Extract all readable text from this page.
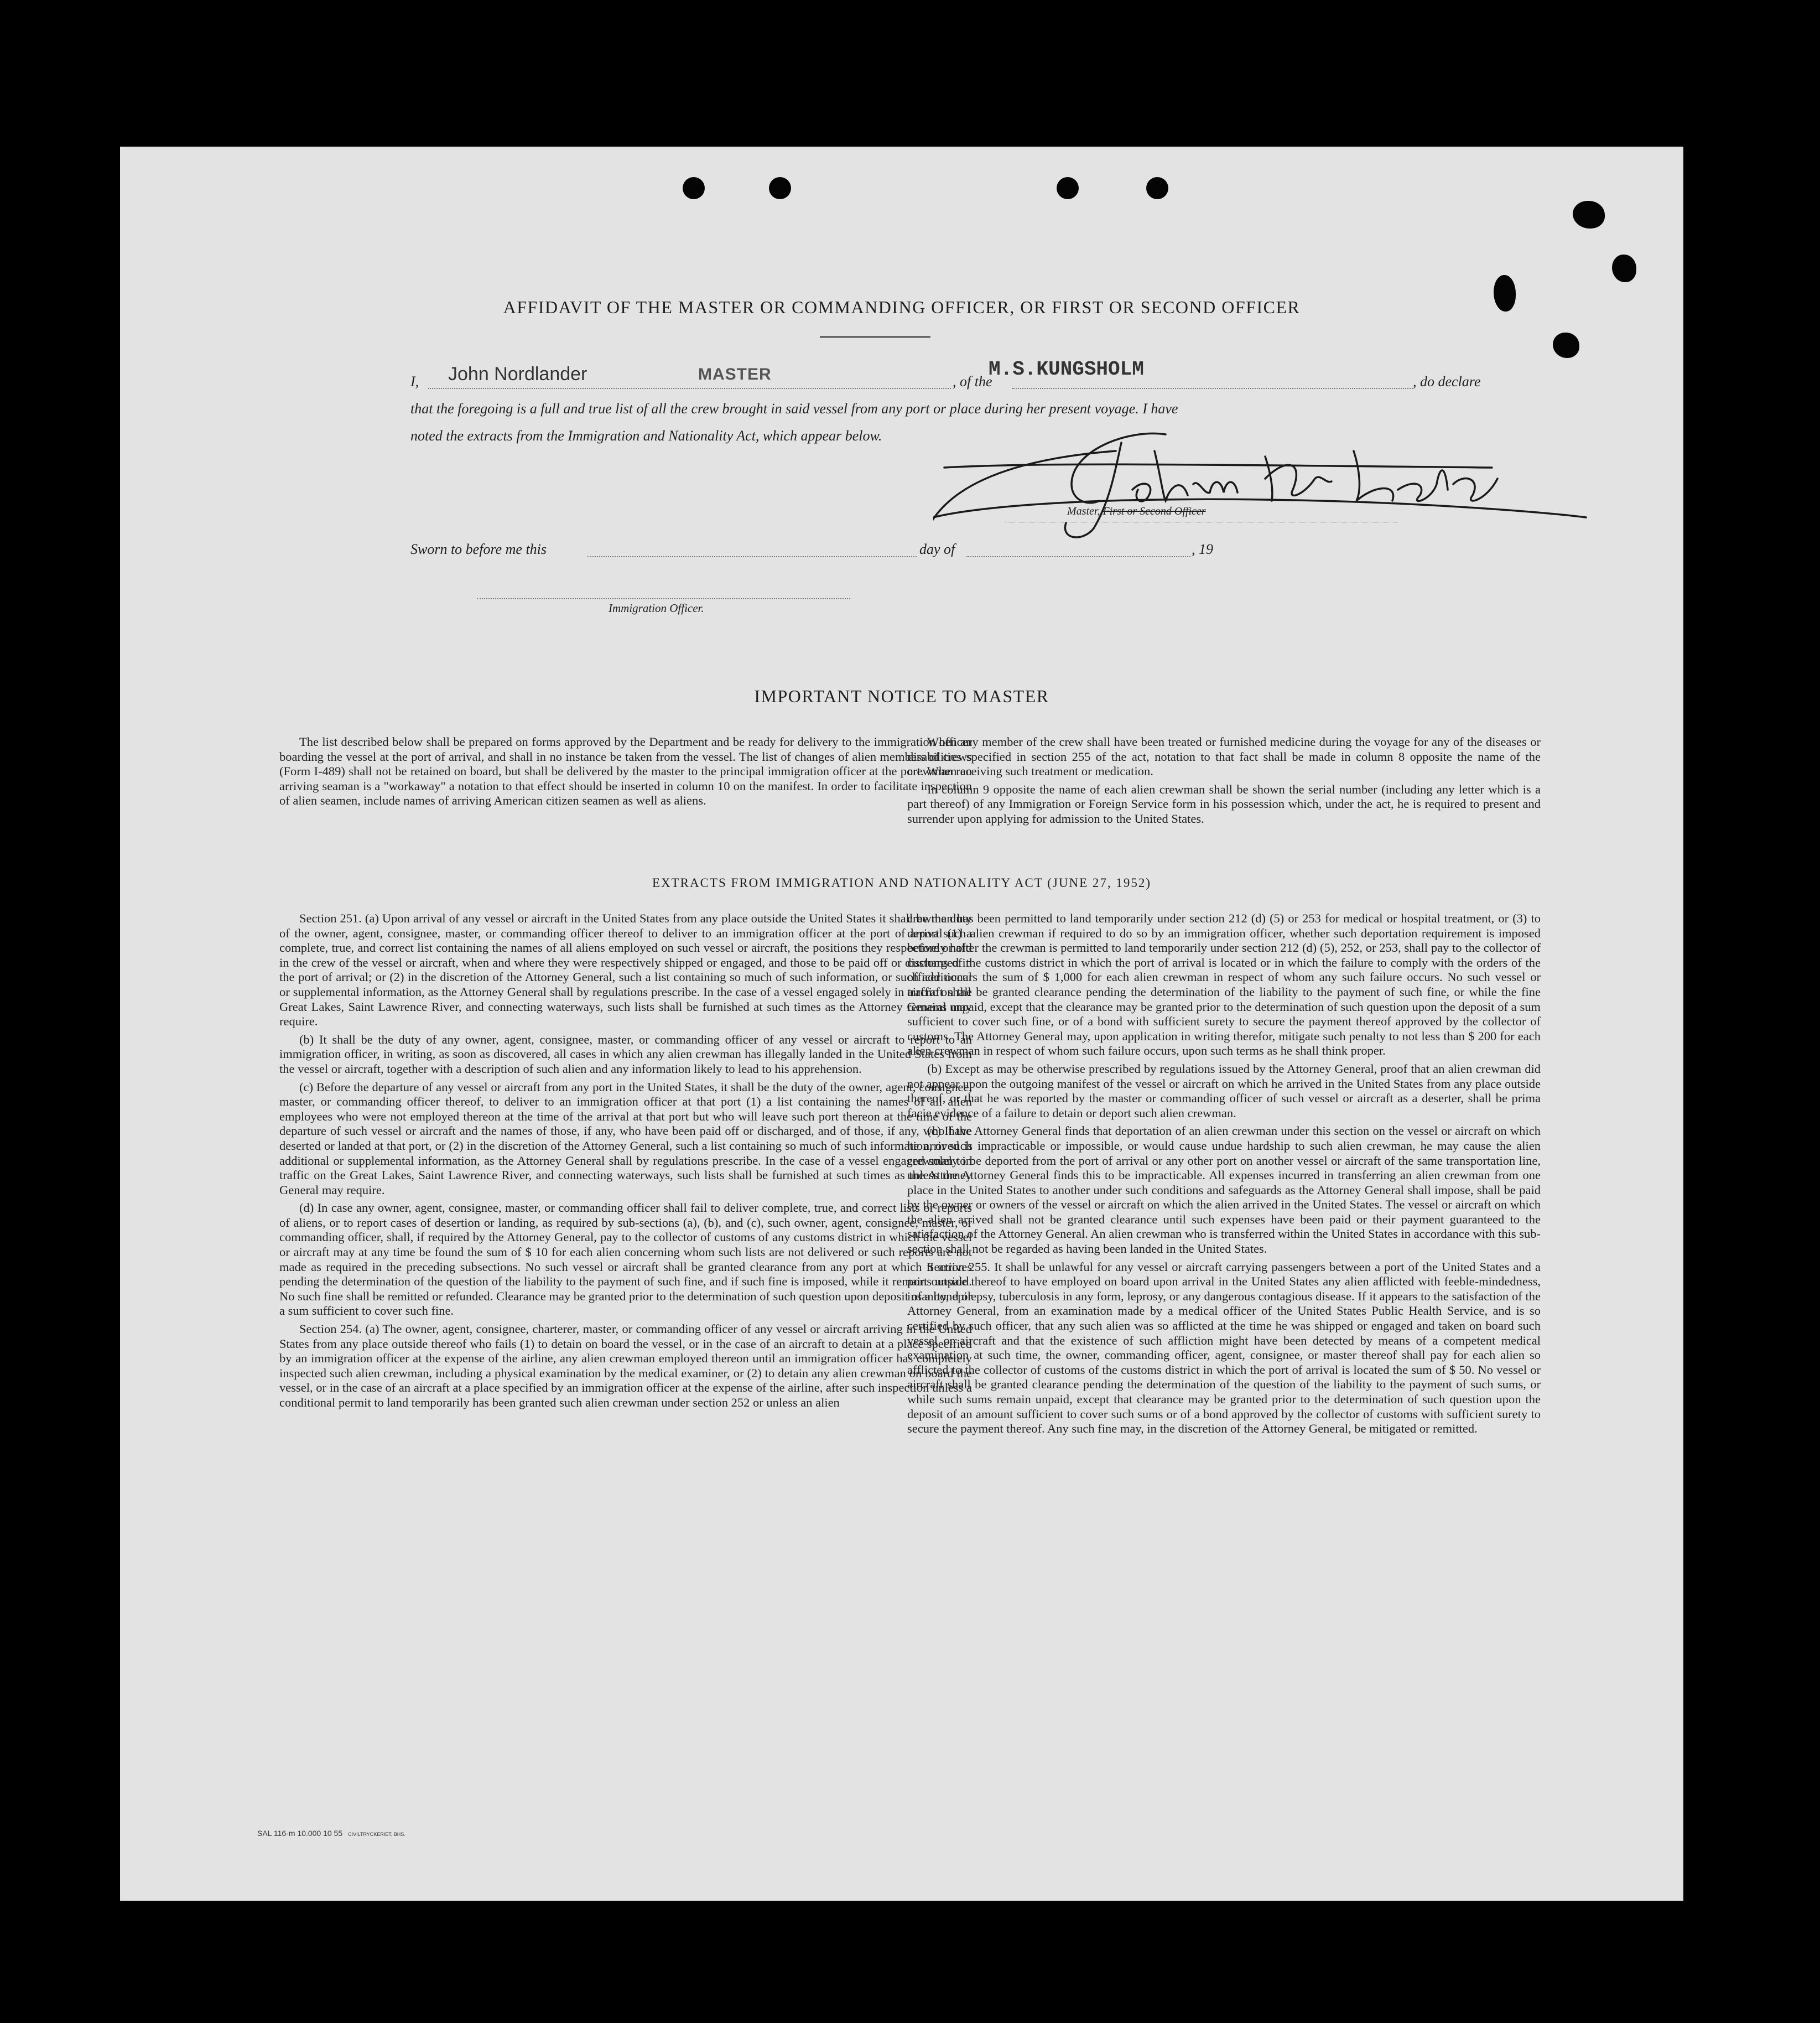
AFFIDAVIT OF THE MASTER OR COMMANDING OFFICER, OR FIRST OR SECOND OFFICER
I, John Nordlander	MASTER	, of the
M.S.KUNGSHOLM
, do declare
that the foregoing is a full and true list of all the crew brought in said vessel from any port or place during her present voyage. I have
noted the extracts from the Immigration and Nationality Act, which appear below.
Master, First or Second Officer
Sworn to before me this	day of	, 19
Immigration Officer.
IMPORTANT NOTICE TO MASTER

The list described below shall be prepared on forms approved by the Department and be ready for delivery to the immigration officer boarding the vessel at the port of arrival, and shall in no instance be taken from the vessel. The list of changes of alien members of crews (Form I-489) shall not be retained on board, but shall be delivered by the master to the principal immigration officer at the port. When an arriving seaman is a "workaway" a notation to that effect should be inserted in column 10 on the manifest. In order to facilitate inspection of alien seamen, include names of arriving American citizen seamen as well as aliens.

When any member of the crew shall have been treated or furnished medicine during the voyage for any of the diseases or disabilities specified in section 255 of the act, notation to that fact shall be made in column 8 opposite the name of the crewman receiving such treatment or medication.

In column 9 opposite the name of each alien crewman shall be shown the serial number (including any letter which is a part thereof) of any Immigration or Foreign Service form in his possession which, under the act, he is required to present and surrender upon applying for admission to the United States.

EXTRACTS FROM IMMIGRATION AND NATIONALITY ACT (JUNE 27, 1952)

Section 251. (a) Upon arrival of any vessel or aircraft in the United States from any place outside the United States it shall be the duty of the owner, agent, consignee, master, or commanding officer thereof to deliver to an immigration officer at the port of arrival (1) a complete, true, and correct list containing the names of all aliens employed on such vessel or aircraft, the positions they respectively hold in the crew of the vessel or aircraft, when and where they were respectively shipped or engaged, and those to be paid off or discharged in the port of arrival; or (2) in the discretion of the Attorney General, such a list containing so much of such information, or such additional or supplemental information, as the Attorney General shall by regulations prescribe. In the case of a vessel engaged solely in traffic on the Great Lakes, Saint Lawrence River, and connecting waterways, such lists shall be furnished at such times as the Attorney General may require.

(b) It shall be the duty of any owner, agent, consignee, master, or commanding officer of any vessel or aircraft to report to an immigration officer, in writing, as soon as discovered, all cases in which any alien crewman has illegally landed in the United States from the vessel or aircraft, together with a description of such alien and any information likely to lead to his apprehension.

(c) Before the departure of any vessel or aircraft from any port in the United States, it shall be the duty of the owner, agent, consignee, master, or commanding officer thereof, to deliver to an immigration officer at that port (1) a list containing the names of all alien employees who were not employed thereon at the time of the arrival at that port but who will leave such port thereon at the time of the departure of such vessel or aircraft and the names of those, if any, who have been paid off or discharged, and of those, if any, who have deserted or landed at that port, or (2) in the discretion of the Attorney General, such a list containing so much of such information, or such additional or supplemental information, as the Attorney General shall by regulations prescribe. In the case of a vessel engaged solely in traffic on the Great Lakes, Saint Lawrence River, and connecting waterways, such lists shall be furnished at such times as the Attorney General may require.

(d) In case any owner, agent, consignee, master, or commanding officer shall fail to deliver complete, true, and correct lists or reports of aliens, or to report cases of desertion or landing, as required by sub-sections (a), (b), and (c), such owner, agent, consignee, master, or commanding officer, shall, if required by the Attorney General, pay to the collector of customs of any customs district in which the vessel or aircraft may at any time be found the sum of $ 10 for each alien concerning whom such lists are not delivered or such reports are not made as required in the preceding subsections. No such vessel or aircraft shall be granted clearance from any port at which it arrives pending the determination of the question of the liability to the payment of such fine, and if such fine is imposed, while it remains unpaid. No such fine shall be remitted or refunded. Clearance may be granted prior to the determination of such question upon deposit of a bond or a sum sufficient to cover such fine.

Section 254. (a) The owner, agent, consignee, charterer, master, or commanding officer of any vessel or aircraft arriving in the United States from any place outside thereof who fails (1) to detain on board the vessel, or in the case of an aircraft to detain at a place specified by an immigration officer at the expense of the airline, any alien crewman employed thereon until an immigration officer has completely inspected such alien crewman, including a physical examination by the medical examiner, or (2) to detain any alien crewman on board the vessel, or in the case of an aircraft at a place specified by an immigration officer at the expense of the airline, after such inspection unless a conditional permit to land temporarily has been granted such alien crewman under section 252 or unless an alien

crewman has been permitted to land temporarily under section 212 (d) (5) or 253 for medical or hospital treatment, or (3) to deport such alien crewman if required to do so by an immigration officer, whether such deportation requirement is imposed before or after the crewman is permitted to land temporarily under section 212 (d) (5), 252, or 253, shall pay to the collector of customs of the customs district in which the port of arrival is located or in which the failure to comply with the orders of the officer occurs the sum of $ 1,000 for each alien crewman in respect of whom any such failure occurs. No such vessel or aircraft shall be granted clearance pending the determination of the liability to the payment of such fine, or while the fine remains unpaid, except that the clearance may be granted prior to the determination of such question upon the deposit of a sum sufficient to cover such fine, or of a bond with sufficient surety to secure the payment thereof approved by the collector of customs. The Attorney General may, upon application in writing therefor, mitigate such penalty to not less than $ 200 for each alien crewman in respect of whom such failure occurs, upon such terms as he shall think proper.

(b) Except as may be otherwise prescribed by regulations issued by the Attorney General, proof that an alien crewman did not appear upon the outgoing manifest of the vessel or aircraft on which he arrived in the United States from any place outside thereof, or that he was reported by the master or commanding officer of such vessel or aircraft as a deserter, shall be prima facie evidence of a failure to detain or deport such alien crewman.

(c) If the Attorney General finds that deportation of an alien crewman under this section on the vessel or aircraft on which he arrived is impracticable or impossible, or would cause undue hardship to such alien crewman, he may cause the alien crewman to be deported from the port of arrival or any other port on another vessel or aircraft of the same transportation line, unless the Attorney General finds this to be impracticable. All expenses incurred in transferring an alien crewman from one place in the United States to another under such conditions and safeguards as the Attorney General shall impose, shall be paid by the owner or owners of the vessel or aircraft on which the alien arrived in the United States. The vessel or aircraft on which the alien arrived shall not be granted clearance until such expenses have been paid or their payment guaranteed to the satisfaction of the Attorney General. An alien crewman who is transferred within the United States in accordance with this sub-section shall not be regarded as having been landed in the United States.

Section 255. It shall be unlawful for any vessel or aircraft carrying passengers between a port of the United States and a port outside thereof to have employed on board upon arrival in the United States any alien afflicted with feeble-mindedness, insanity, epilepsy, tuberculosis in any form, leprosy, or any dangerous contagious disease. If it appears to the satisfaction of the Attorney General, from an examination made by a medical officer of the United States Public Health Service, and is so certified by such officer, that any such alien was so afflicted at the time he was shipped or engaged and taken on board such vessel or aircraft and that the existence of such affliction might have been detected by means of a competent medical examination at such time, the owner, commanding officer, agent, consignee, or master thereof shall pay for each alien so afflicted to the collector of customs of the customs district in which the port of arrival is located the sum of $ 50. No vessel or aircraft shall be granted clearance pending the determination of the question of the liability to the payment of such sums, or while such sums remain unpaid, except that clearance may be granted prior to the determination of such question upon the deposit of an amount sufficient to cover such sums or of a bond approved by the collector of customs with sufficient surety to secure the payment thereof. Any such fine may, in the discretion of the Attorney General, be mitigated or remitted.

SAL 116-m 10.000 10 55 CIVILTRYCKERIET, BHS.
